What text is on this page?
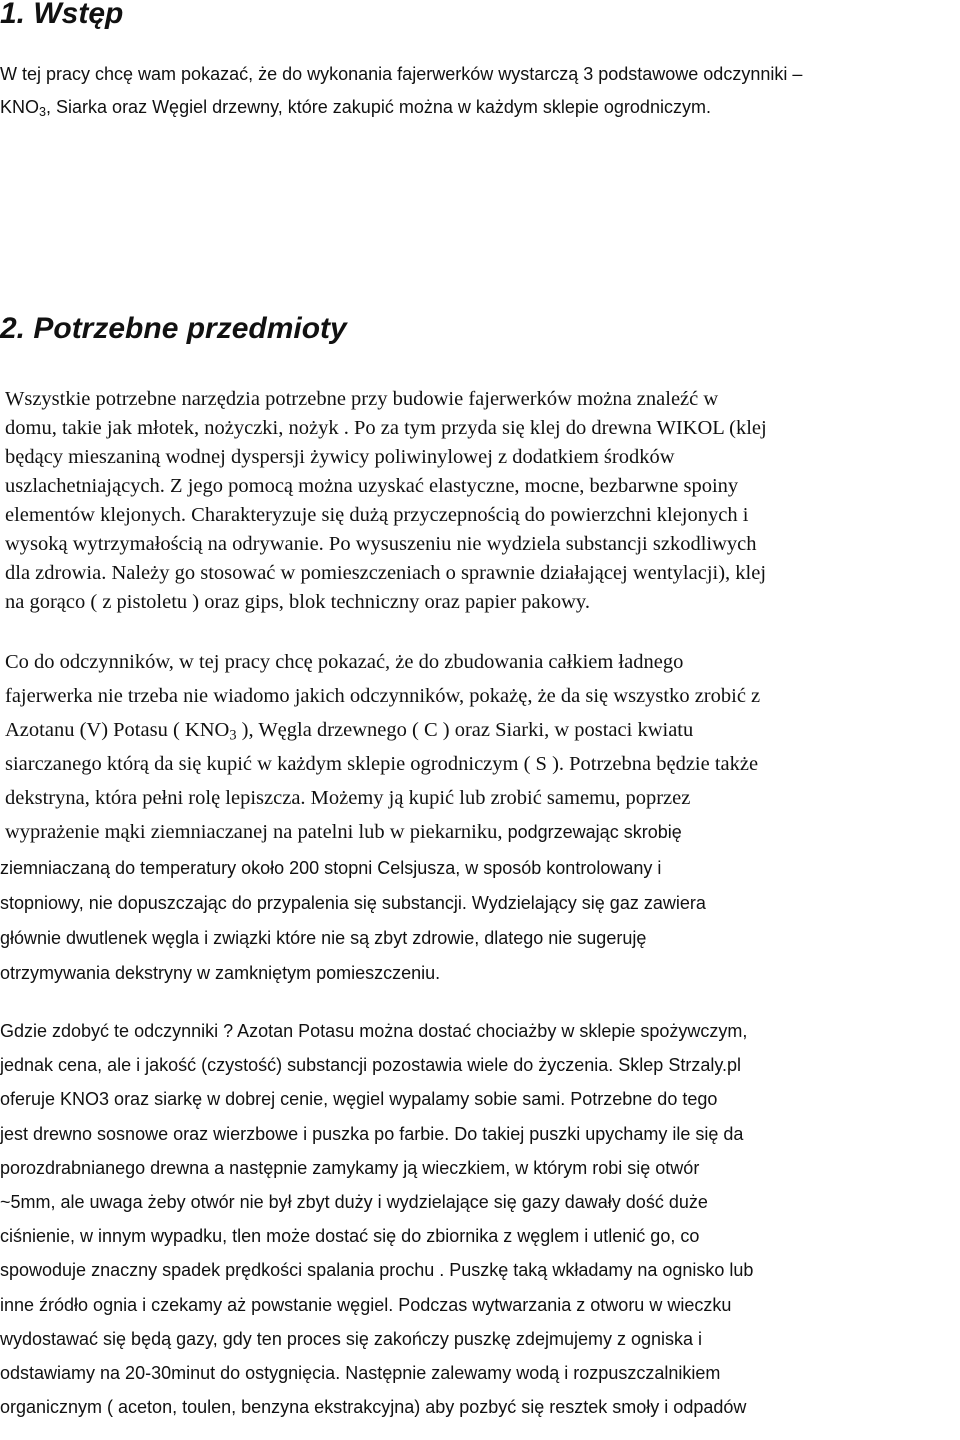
1. Wstęp

W tej pracy chcę wam pokazać, że do wykonania fajerwerków wystarczą 3 podstawowe odczynniki –

$KNO_3$, Siarka oraz Węgiel drzewny, które zakupić można w każdym sklepie ogrodniczym.

2. Potrzebne przedmioty

Wszystkie potrzebne narzędzia potrzebne przy budowie fajerwerków można znaleźć w

domu, takie jak młotek, nożyczki, nożyk . Po za tym przyda się klej do drewna WIKOL (klej

będący mieszaniną wodnej dyspersji żywicy poliwinylowej z dodatkiem środków

uszlachetniających. Z jego pomocą można uzyskać elastyczne, mocne, bezbarwne spoiny

elementów klejonych. Charakteryzuje się dużą przyczepnością do powierzchni klejonych i

wysoką wytrzymałością na odrywanie. Po wysuszeniu nie wydziela substancji szkodliwych

dla zdrowia. Należy go stosować w pomieszczeniach o sprawnie działającej wentylacji), klej

na gorąco ( z pistoletu ) oraz gips, blok techniczny oraz papier pakowy.

Co do odczynników, w tej pracy chcę pokazać, że do zbudowania całkiem ładnego

fajerwerka nie trzeba nie wiadomo jakich odczynników, pokażę, że da się wszystko zrobić z

Azotanu (V) Potasu ( $KNO_3$ ), Węgla drzewnego ( C ) oraz Siarki, w postaci kwiatu

siarczanego którą da się kupić w każdym sklepie ogrodniczym ( S ). Potrzebna będzie także

dekstryna, która pełni rolę lepiszcza. Możemy ją kupić lub zrobić samemu, poprzez

wyprażenie mąki ziemniaczanej na patelni lub w piekarniku, podgrzewając skrobię

ziemniaczaną do temperatury około 200 stopni Celsjusza, w sposób kontrolowany i

stopniowy, nie dopuszczając do przypalenia się substancji. Wydzielający się gaz zawiera

głównie dwutlenek węgla i związki które nie są zbyt zdrowie, dlatego nie sugeruję

otrzymywania dekstryny w zamkniętym pomieszczeniu.

Gdzie zdobyć te odczynniki ? Azotan Potasu można dostać chociażby w sklepie spożywczym,

jednak cena, ale i jakość (czystość) substancji pozostawia wiele do życzenia. Sklep Strzaly.pl

oferuje KNO3 oraz siarkę w dobrej cenie, węgiel wypalamy sobie sami. Potrzebne do tego

jest drewno sosnowe oraz wierzbowe i puszka po farbie. Do takiej puszki upychamy ile się da

porozdrabnianego drewna a następnie zamykamy ją wieczkiem, w którym robi się otwór

~5mm, ale uwaga żeby otwór nie był zbyt duży i wydzielające się gazy dawały dość duże

ciśnienie, w innym wypadku, tlen może dostać się do zbiornika z węglem i utlenić go, co

spowoduje znaczny spadek prędkości spalania prochu . Puszkę taką wkładamy na ognisko lub

inne źródło ognia i czekamy aż powstanie węgiel. Podczas wytwarzania z otworu w wieczku

wydostawać się będą gazy, gdy ten proces się zakończy puszkę zdejmujemy z ogniska i

odstawiamy na 20-30minut do ostygnięcia. Następnie zalewamy wodą i rozpuszczalnikiem

organicznym ( aceton, toulen, benzyna ekstrakcyjna) aby pozbyć się resztek smoły i odpadów
